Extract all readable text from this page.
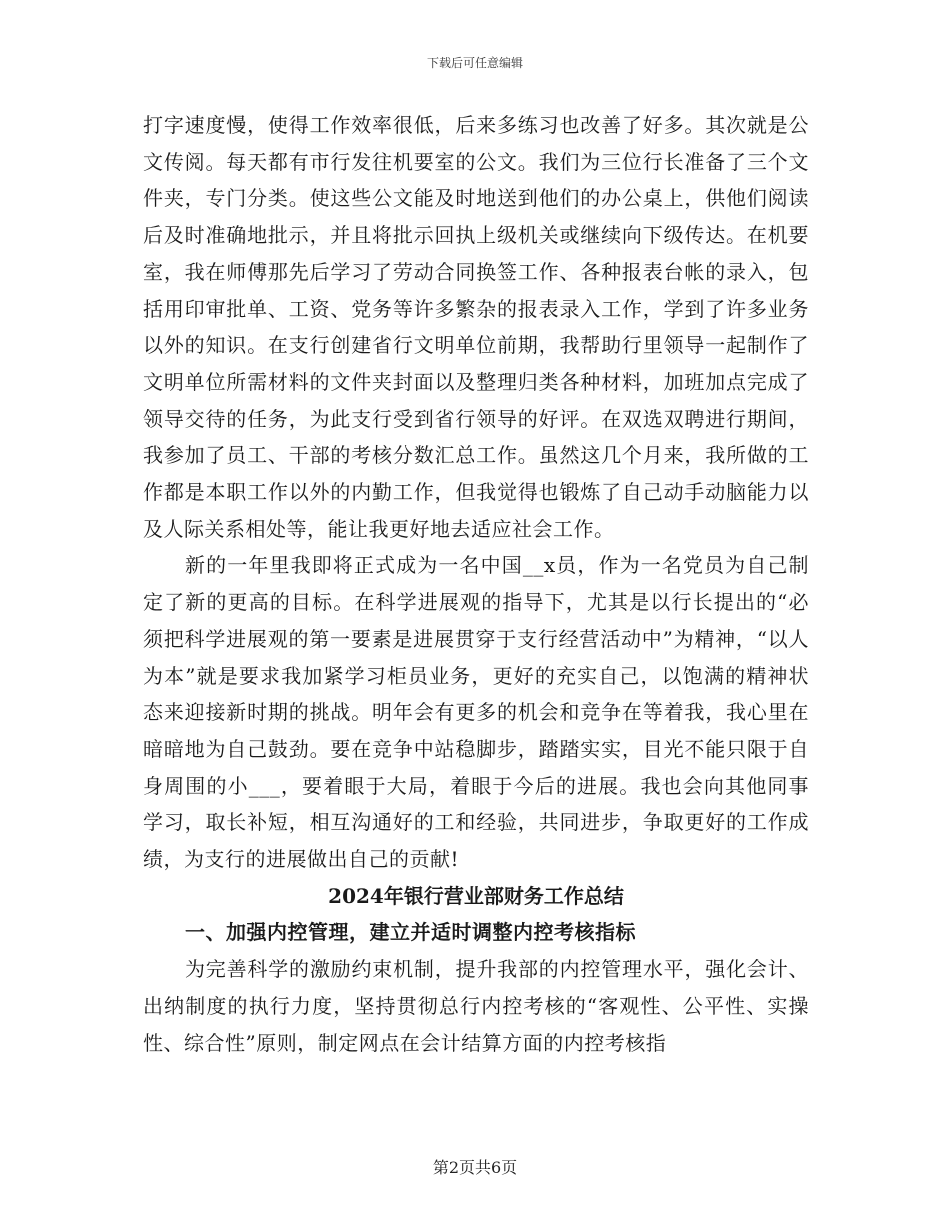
下载后可任意编辑

打字速度慢，使得工作效率很低，后来多练习也改善了好多。其次就是公文传阅。每天都有市行发往机要室的公文。我们为三位行长准备了三个文件夹，专门分类。使这些公文能及时地送到他们的办公桌上，供他们阅读后及时准确地批示，并且将批示回执上级机关或继续向下级传达。在机要室，我在师傅那先后学习了劳动合同换签工作、各种报表台帐的录入，包括用印审批单、工资、党务等许多繁杂的报表录入工作，学到了许多业务以外的知识。在支行创建省行文明单位前期，我帮助行里领导一起制作了文明单位所需材料的文件夹封面以及整理归类各种材料，加班加点完成了领导交待的任务，为此支行受到省行领导的好评。在双选双聘进行期间，我参加了员工、干部的考核分数汇总工作。虽然这几个月来，我所做的工作都是本职工作以外的内勤工作，但我觉得也锻炼了自己动手动脑能力以及人际关系相处等，能让我更好地去适应社会工作。

新的一年里我即将正式成为一名中国__x员，作为一名党员为自己制定了新的更高的目标。在科学进展观的指导下，尤其是以行长提出的“必须把科学进展观的第一要素是进展贯穿于支行经营活动中”为精神，“以人为本”就是要求我加紧学习柜员业务，更好的充实自己，以饱满的精神状态来迎接新时期的挑战。明年会有更多的机会和竞争在等着我，我心里在暗暗地为自己鼓劲。要在竞争中站稳脚步，踏踏实实，目光不能只限于自身周围的小___，要着眼于大局，着眼于今后的进展。我也会向其他同事学习，取长补短，相互沟通好的工和经验，共同进步，争取更好的工作成绩，为支行的进展做出自己的贡献!

2024年银行营业部财务工作总结

一、加强内控管理，建立并适时调整内控考核指标

为完善科学的激励约束机制，提升我部的内控管理水平，强化会计、出纳制度的执行力度，坚持贯彻总行内控考核的“客观性、公平性、实操性、综合性”原则，制定网点在会计结算方面的内控考核指

第2页共6页
